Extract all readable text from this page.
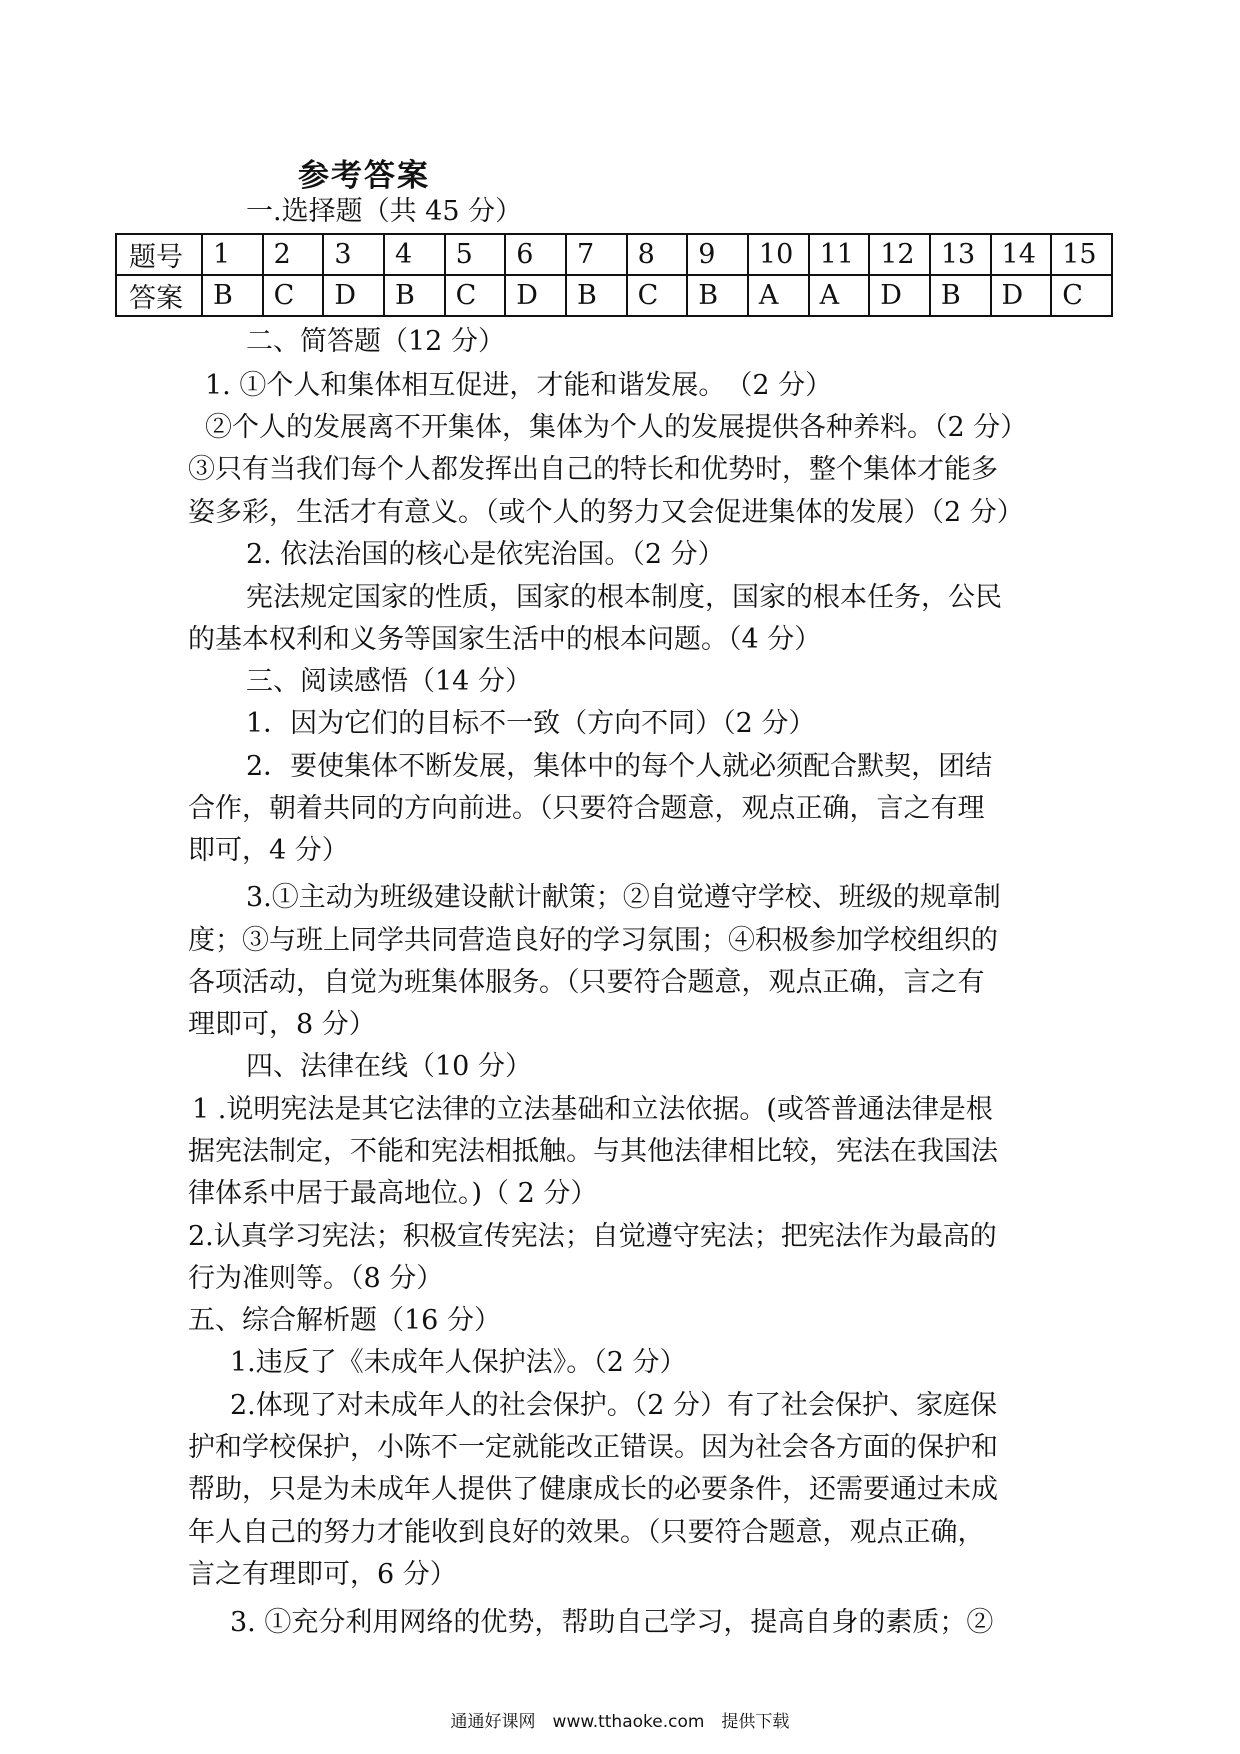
参考答案
一.选择题（共 45 分）
题号	1	2	3	4	5	6	7	8	9	10	11	12	13	14	15
答案	B	C	D	B	C	D	B	C	B	A	A	D	B	D	C
二、简答题（12 分）
1. ①个人和集体相互促进，才能和谐发展。　（2 分）
②个人的发展离不开集体，集体为个人的发展提供各种养料。（2 分）
③只有当我们每个人都发挥出自己的特长和优势时，整个集体才能多
姿多彩，生活才有意义。（或个人的努力又会促进集体的发展）（2 分）
2. 依法治国的核心是依宪治国。（2 分）
宪法规定国家的性质，国家的根本制度，国家的根本任务，公民
的基本权利和义务等国家生活中的根本问题。（4 分）
三、阅读感悟（14 分）
1．因为它们的目标不一致（方向不同）（2 分）
2．要使集体不断发展，集体中的每个人就必须配合默契，团结
合作，朝着共同的方向前进。（只要符合题意，观点正确，言之有理
即可，4 分）
3.①主动为班级建设献计献策；②自觉遵守学校、班级的规章制
度；③与班上同学共同营造良好的学习氛围；④积极参加学校组织的
各项活动，自觉为班集体服务。（只要符合题意，观点正确，言之有
理即可，8 分）
四、法律在线（10 分）
1 .说明宪法是其它法律的立法基础和立法依据。(或答普通法律是根
据宪法制定，不能和宪法相抵触。与其他法律相比较，宪法在我国法
律体系中居于最高地位。)（ 2 分）
2.认真学习宪法；积极宣传宪法；自觉遵守宪法；把宪法作为最高的
行为准则等。（8 分）
五、综合解析题（16 分）
1.违反了《未成年人保护法》。（2 分）
2.体现了对未成年人的社会保护。（2 分）有了社会保护、家庭保
护和学校保护，小陈不一定就能改正错误。因为社会各方面的保护和
帮助，只是为未成年人提供了健康成长的必要条件，还需要通过未成
年人自己的努力才能收到良好的效果。（只要符合题意，观点正确，
言之有理即可，6 分）
3. ①充分利用网络的优势，帮助自己学习，提高自身的素质；②
通通好课网　www.tthaoke.com　提供下载
